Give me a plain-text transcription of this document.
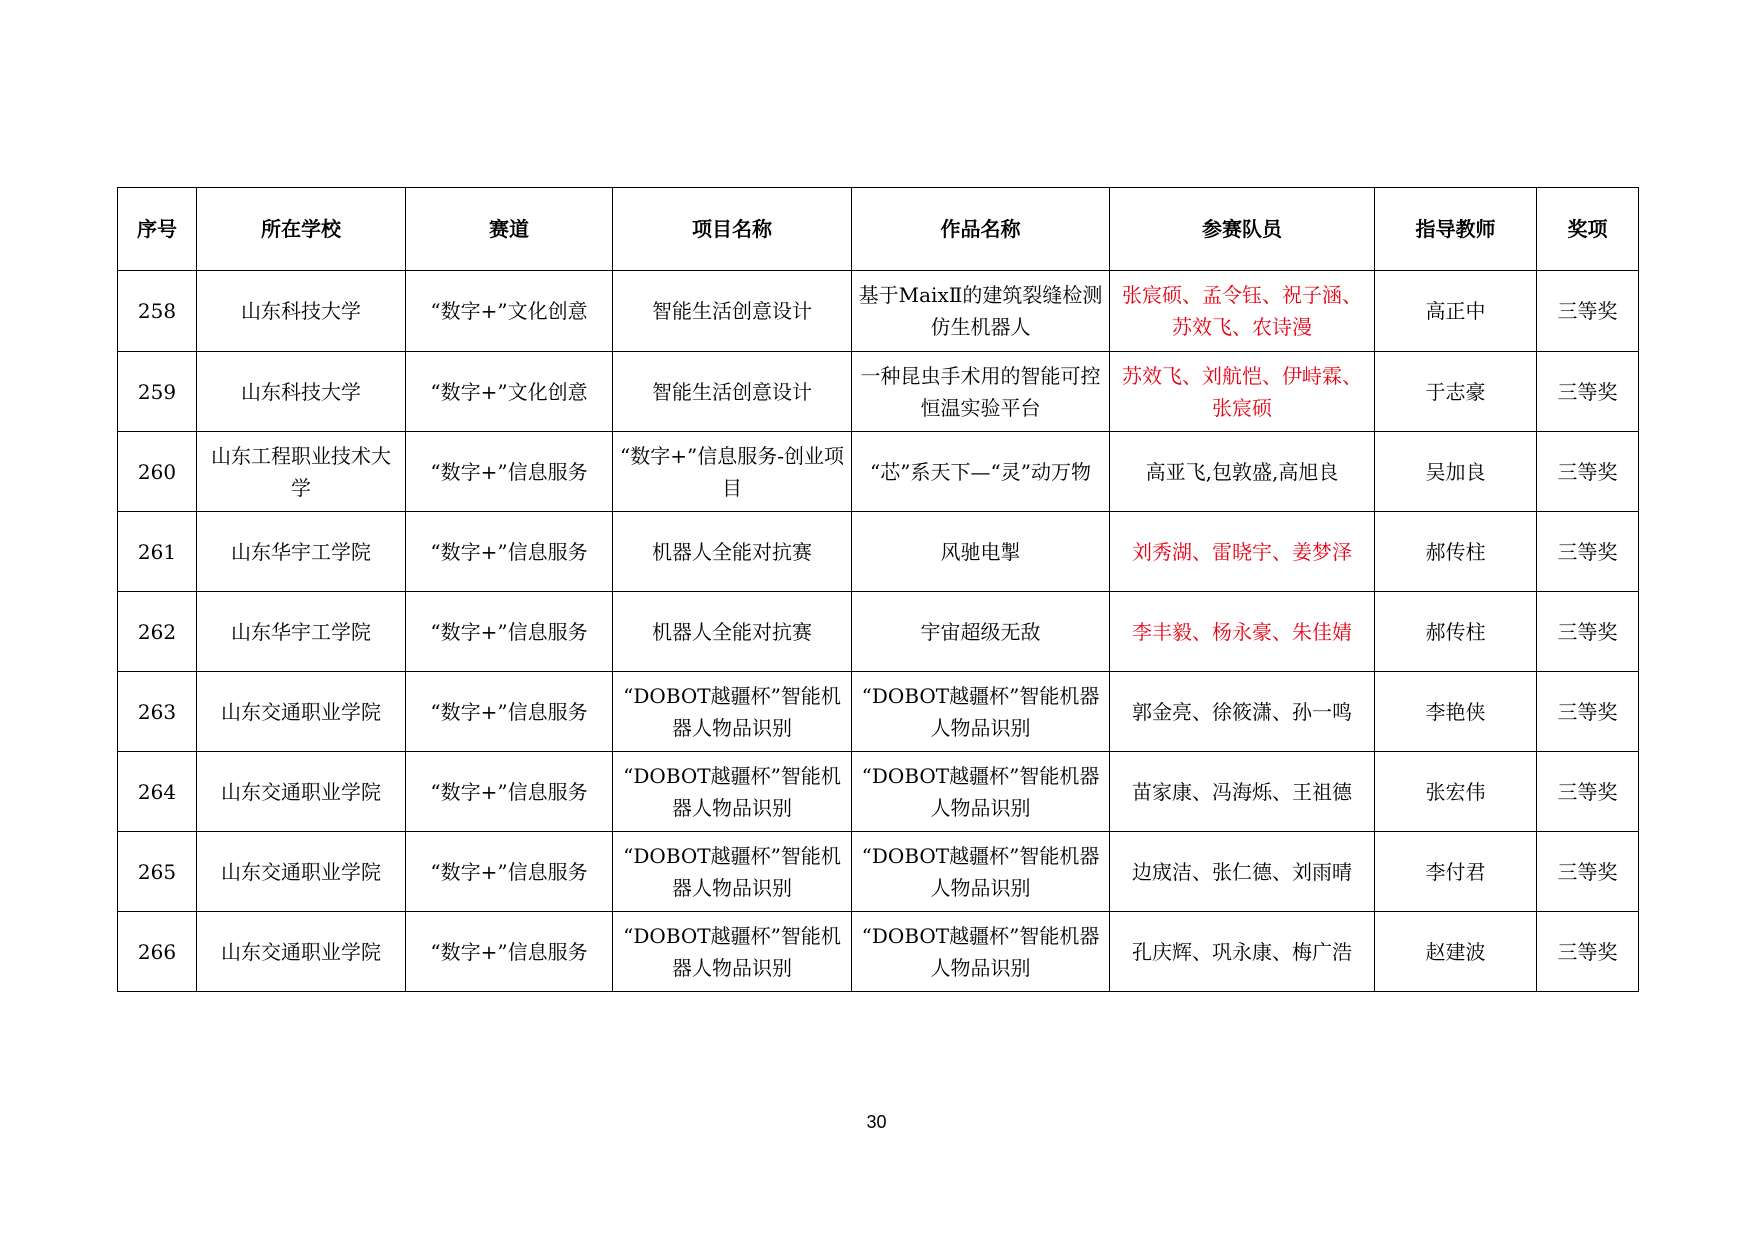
序号	所在学校	赛道	项目名称	作品名称	参赛队员	指导教师	奖项
258	山东科技大学	“数字+”文化创意	智能生活创意设计	基于MaixⅡ的建筑裂缝检测仿生机器人	张宸硕、孟令钰、祝子涵、苏效飞、农诗漫	高正中	三等奖
259	山东科技大学	“数字+”文化创意	智能生活创意设计	一种昆虫手术用的智能可控恒温实验平台	苏效飞、刘航恺、伊峙霖、张宸硕	于志豪	三等奖
260	山东工程职业技术大学	“数字+”信息服务	“数字+”信息服务-创业项目	“芯”系天下—“灵”动万物	高亚飞,包敦盛,高旭良	吴加良	三等奖
261	山东华宇工学院	“数字+”信息服务	机器人全能对抗赛	风驰电掣	刘秀湖、雷晓宇、姜梦泽	郝传柱	三等奖
262	山东华宇工学院	“数字+”信息服务	机器人全能对抗赛	宇宙超级无敌	李丰毅、杨永豪、朱佳婧	郝传柱	三等奖
263	山东交通职业学院	“数字+”信息服务	“DOBOT越疆杯”智能机器人物品识别	“DOBOT越疆杯”智能机器人物品识别	郭金亮、徐筱潇、孙一鸣	李艳侠	三等奖
264	山东交通职业学院	“数字+”信息服务	“DOBOT越疆杯”智能机器人物品识别	“DOBOT越疆杯”智能机器人物品识别	苗家康、冯海烁、王祖德	张宏伟	三等奖
265	山东交通职业学院	“数字+”信息服务	“DOBOT越疆杯”智能机器人物品识别	“DOBOT越疆杯”智能机器人物品识别	边宬洁、张仁德、刘雨晴	李付君	三等奖
266	山东交通职业学院	“数字+”信息服务	“DOBOT越疆杯”智能机器人物品识别	“DOBOT越疆杯”智能机器人物品识别	孔庆辉、巩永康、梅广浩	赵建波	三等奖
30
